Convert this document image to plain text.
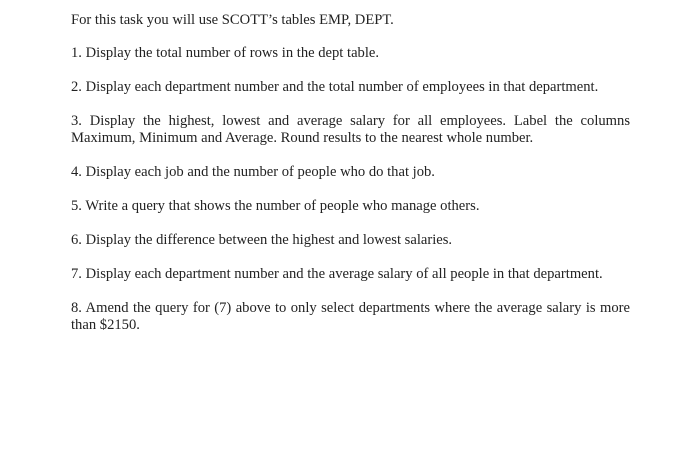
For this task you will use SCOTT’s tables EMP, DEPT.

1. Display the total number of rows in the dept table.

2. Display each department number and the total number of employees in that department.

3. Display the highest, lowest and average salary for all employees. Label the columns Maximum, Minimum and Average. Round results to the nearest whole number.

4. Display each job and the number of people who do that job.

5. Write a query that shows the number of people who manage others.

6. Display the difference between the highest and lowest salaries.

7. Display each department number and the average salary of all people in that department.

8. Amend the query for (7) above to only select departments where the average salary is more than $2150.
